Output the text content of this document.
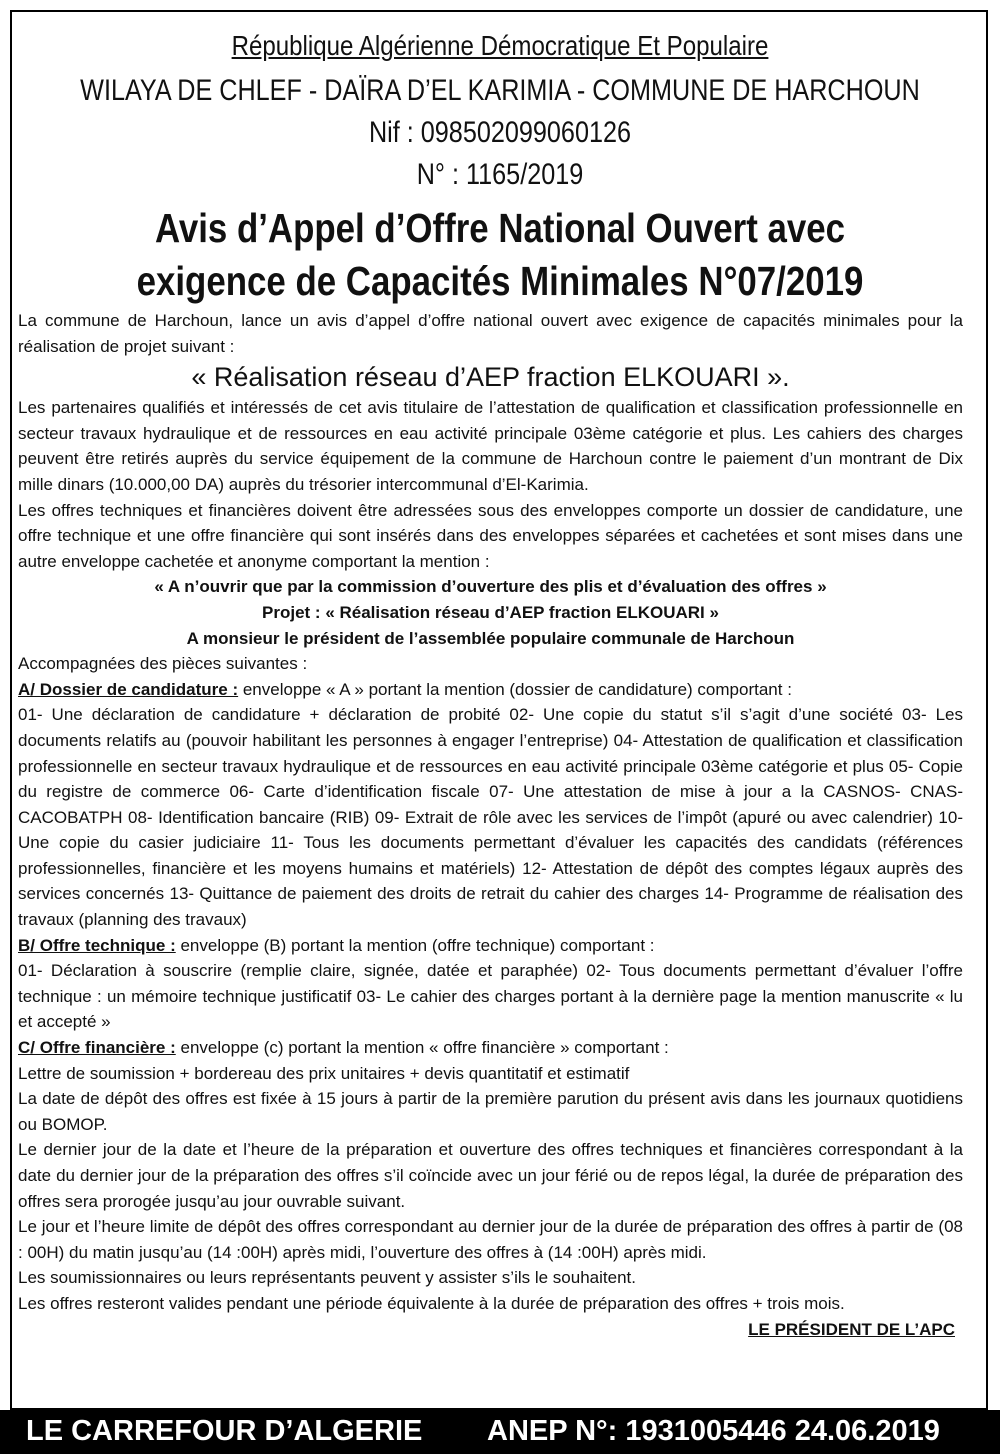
République Algérienne Démocratique Et Populaire
WILAYA DE CHLEF - DAÏRA D’EL KARIMIA - COMMUNE DE HARCHOUN
Nif : 098502099060126
N° : 1165/2019
Avis d’Appel d’Offre National Ouvert avec
exigence de Capacités Minimales N°07/2019

La commune de Harchoun, lance un avis d’appel d’offre national ouvert avec exigence de capacités minimales pour la réalisation de projet suivant :

« Réalisation réseau d’AEP fraction ELKOUARI ».

Les partenaires qualifiés et intéressés de cet avis titulaire de l’attestation de qualification et classification professionnelle en secteur travaux hydraulique et de ressources en eau activité principale 03ème catégorie et plus. Les cahiers des charges peuvent être retirés auprès du service équipement de la commune de Harchoun contre le paiement d’un montrant de Dix mille dinars (10.000,00 DA) auprès du trésorier intercommunal d’El-Karimia.

Les offres techniques et financières doivent être adressées sous des enveloppes comporte un dossier de candidature, une offre technique et une offre financière qui sont insérés dans des enveloppes séparées et cachetées et sont mises dans une autre enveloppe cachetée et anonyme comportant la mention :

« A n’ouvrir que par la commission d’ouverture des plis et d’évaluation des offres »

Projet : « Réalisation réseau d’AEP fraction ELKOUARI »

A monsieur le président de l’assemblée populaire communale de Harchoun

Accompagnées des pièces suivantes :

A/ Dossier de candidature : enveloppe « A » portant la mention (dossier de candidature) comportant :

01- Une déclaration de candidature + déclaration de probité 02- Une copie du statut s’il s’agit d’une société 03- Les documents relatifs au (pouvoir habilitant les personnes à engager l’entreprise) 04- Attestation de qualification et classification professionnelle en secteur travaux hydraulique et de ressources en eau activité principale 03ème catégorie et plus 05- Copie du registre de commerce 06- Carte d’identification fiscale 07- Une attestation de mise à jour a la CASNOS- CNAS- CACOBATPH 08- Identification bancaire (RIB) 09- Extrait de rôle avec les services de l’impôt (apuré ou avec calendrier) 10- Une copie du casier judiciaire 11- Tous les documents permettant d’évaluer les capacités des candidats (références professionnelles, financière et les moyens humains et matériels) 12- Attestation de dépôt des comptes légaux auprès des services concernés 13- Quittance de paiement des droits de retrait du cahier des charges 14- Programme de réalisation des travaux (planning des travaux)

B/ Offre technique : enveloppe (B) portant la mention (offre technique) comportant :

01- Déclaration à souscrire (remplie claire, signée, datée et paraphée) 02- Tous documents permettant d’évaluer l’offre technique : un mémoire technique justificatif 03- Le cahier des charges portant à la dernière page la mention manuscrite « lu et accepté »

C/ Offre financière : enveloppe (c) portant la mention « offre financière » comportant :

Lettre de soumission + bordereau des prix unitaires + devis quantitatif et estimatif

La date de dépôt des offres est fixée à 15 jours à partir de la première parution du présent avis dans les journaux quotidiens ou BOMOP.

Le dernier jour de la date et l’heure de la préparation et ouverture des offres techniques et financières correspondant à la date du dernier jour de la préparation des offres s’il coïncide avec un jour férié ou de repos légal, la durée de préparation des offres sera prorogée jusqu’au jour ouvrable suivant.

Le jour et l’heure limite de dépôt des offres correspondant au dernier jour de la durée de préparation des offres à partir de (08 : 00H) du matin jusqu’au (14 :00H) après midi, l’ouverture des offres à (14 :00H) après midi.

Les soumissionnaires ou leurs représentants peuvent y assister s’ils le souhaitent.

Les offres resteront valides pendant une période équivalente à la durée de préparation des offres + trois mois.

LE PRÉSIDENT DE L’APC

LE CARREFOUR D’ALGERIE ANEP N°: 1931005446 24.06.2019
